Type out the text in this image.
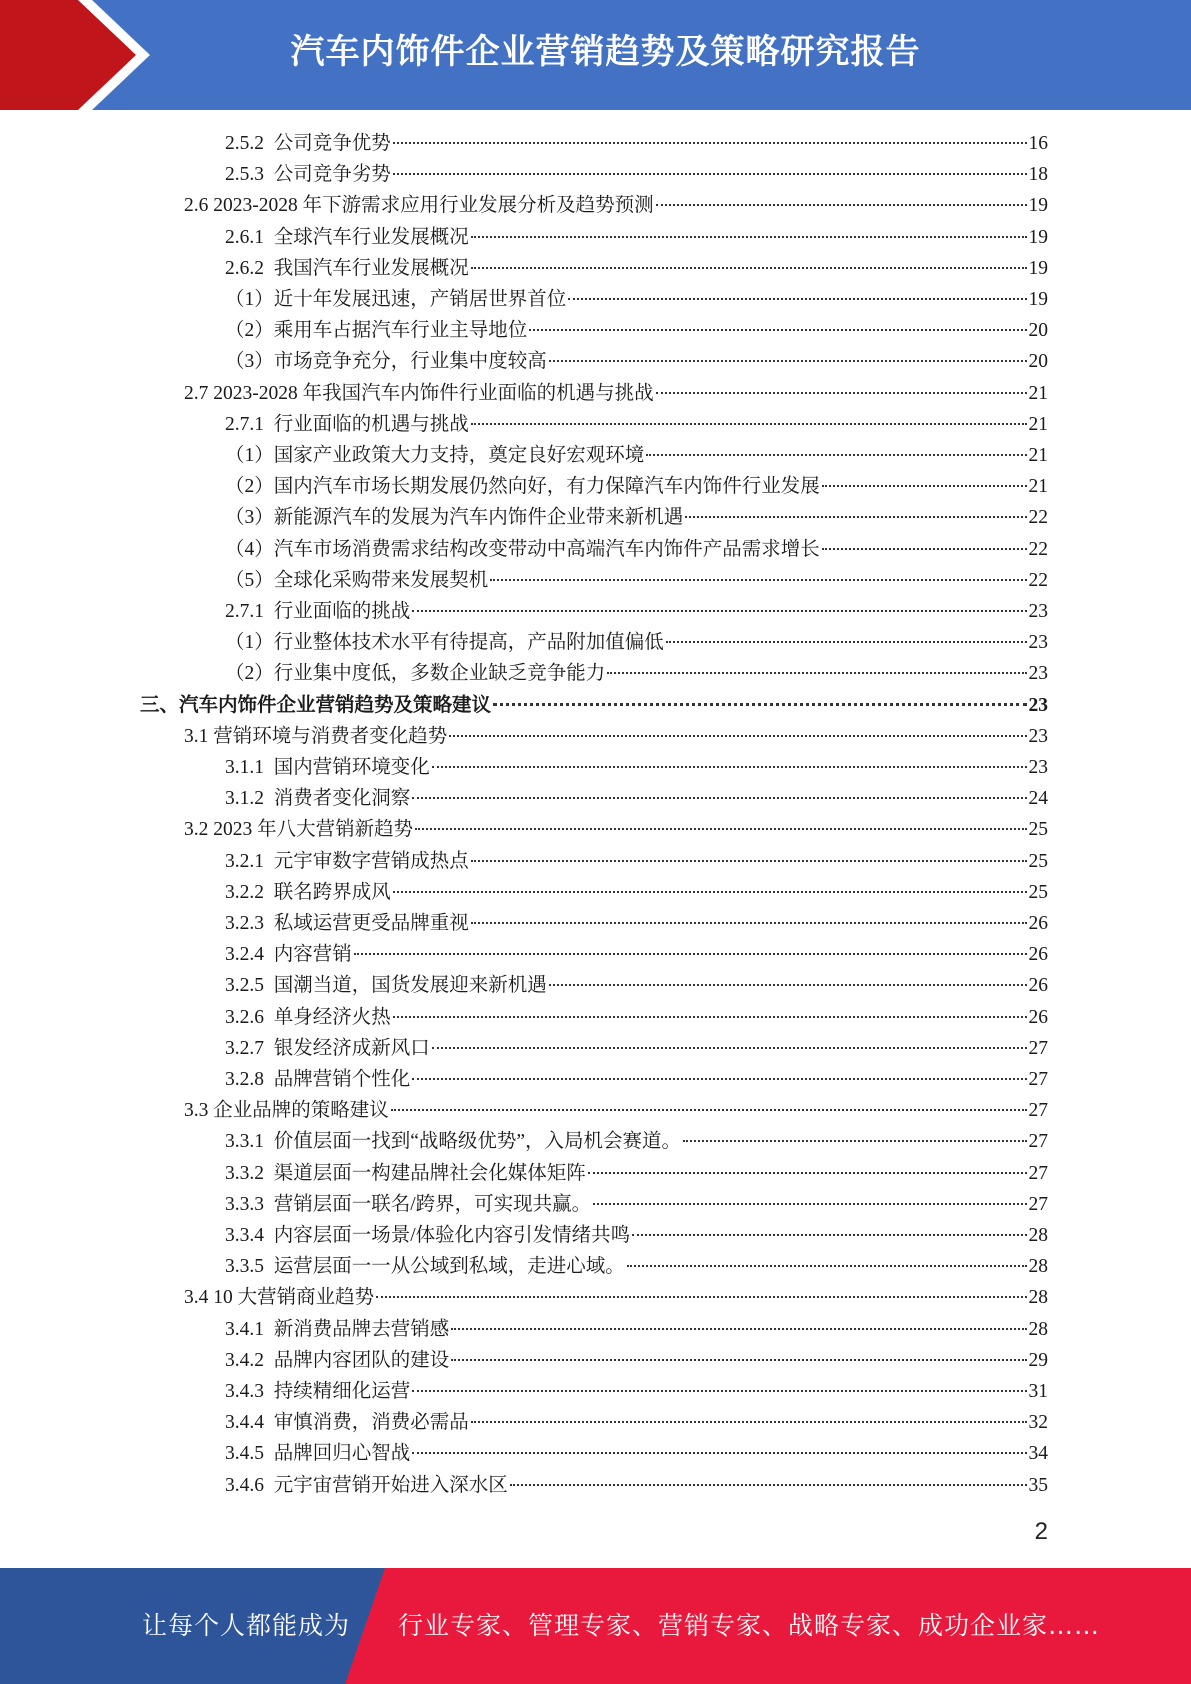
汽车内饰件企业营销趋势及策略研究报告
2.5.2 公司竞争优势	16
2.5.3 公司竞争劣势	18
2.6 2023-2028 年下游需求应用行业发展分析及趋势预测	19
2.6.1 全球汽车行业发展概况	19
2.6.2 我国汽车行业发展概况	19
（1）近十年发展迅速，产销居世界首位	19
（2）乘用车占据汽车行业主导地位	20
（3）市场竞争充分，行业集中度较高	20
2.7 2023-2028 年我国汽车内饰件行业面临的机遇与挑战	21
2.7.1 行业面临的机遇与挑战	21
（1）国家产业政策大力支持，奠定良好宏观环境	21
（2）国内汽车市场长期发展仍然向好，有力保障汽车内饰件行业发展	21
（3）新能源汽车的发展为汽车内饰件企业带来新机遇	22
（4）汽车市场消费需求结构改变带动中高端汽车内饰件产品需求增长	22
（5）全球化采购带来发展契机	22
2.7.1 行业面临的挑战	23
（1）行业整体技术水平有待提高，产品附加值偏低	23
（2）行业集中度低，多数企业缺乏竞争能力	23
三、汽车内饰件企业营销趋势及策略建议	23
3.1 营销环境与消费者变化趋势	23
3.1.1 国内营销环境变化	23
3.1.2 消费者变化洞察	24
3.2 2023 年八大营销新趋势	25
3.2.1 元宇审数字营销成热点	25
3.2.2 联名跨界成风	25
3.2.3 私域运营更受品牌重视	26
3.2.4 内容营销	26
3.2.5 国潮当道，国货发展迎来新机遇	26
3.2.6 单身经济火热	26
3.2.7 银发经济成新风口	27
3.2.8 品牌营销个性化	27
3.3 企业品牌的策略建议	27
3.3.1 价值层面一找到“战略级优势”，入局机会赛道。	27
3.3.2 渠道层面一构建品牌社会化媒体矩阵	27
3.3.3 营销层面一联名/跨界，可实现共赢。	27
3.3.4 内容层面一场景/体验化内容引发情绪共鸣	28
3.3.5 运营层面一一从公域到私域，走进心域。	28
3.4 10 大营销商业趋势	28
3.4.1 新消费品牌去营销感	28
3.4.2 品牌内容团队的建设	29
3.4.3 持续精细化运营	31
3.4.4 审慎消费，消费必需品	32
3.4.5 品牌回归心智战	34
3.4.6 元宇宙营销开始进入深水区	35
2
让每个人都能成为 行业专家、管理专家、营销专家、战略专家、成功企业家……
